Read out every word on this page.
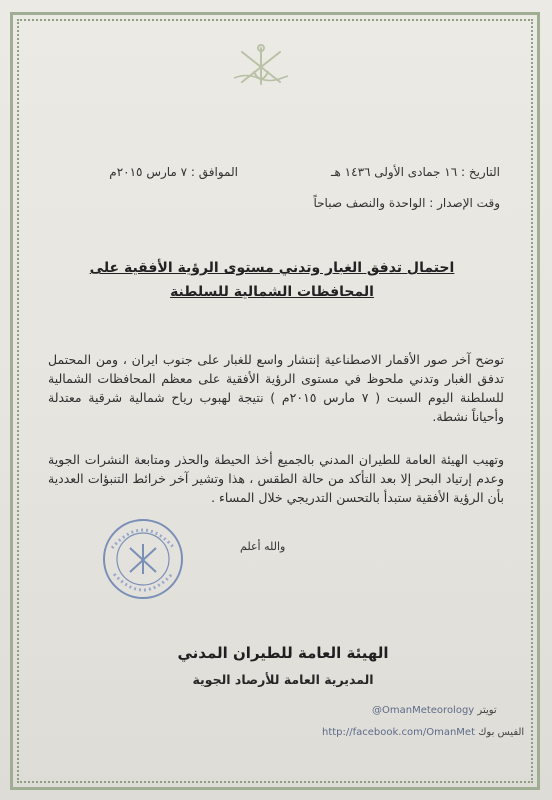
التاريخ : ١٦ جمادى الأولى ١٤٣٦ هـ
الموافق : ٧ مارس ٢٠١٥م
وقت الإصدار : الواحدة والنصف صباحاً
احتمال تدفق الغبار وتدني مستوى الرؤية الأفقية على المحافظات الشمالية للسلطنة
توضح آخر صور الأقمار الاصطناعية إنتشار واسع للغبار على جنوب ايران ، ومن المحتمل تدفق الغبار وتدني ملحوظ في مستوى الرؤية الأفقية على معظم المحافظات الشمالية للسلطنة اليوم السبت ( ٧ مارس ٢٠١٥م ) نتيجة لهبوب رياح شمالية شرقية معتدلة وأحياناً نشطة.
وتهيب الهيئة العامة للطيران المدني بالجميع أخذ الحيطة والحذر ومتابعة النشرات الجوية وعدم إرتياد البحر إلا بعد التأكد من حالة الطقس ، هذا وتشير آخر خرائط التنبؤات العددية بأن الرؤية الأفقية ستبدأ بالتحسن التدريجي خلال المساء .
والله أعلم
الهيئة العامة للطيران المدني
المديرية العامة للأرصاد الجوية
@OmanMeteorology تويتر
http://facebook.com/OmanMet الفيس بوك
